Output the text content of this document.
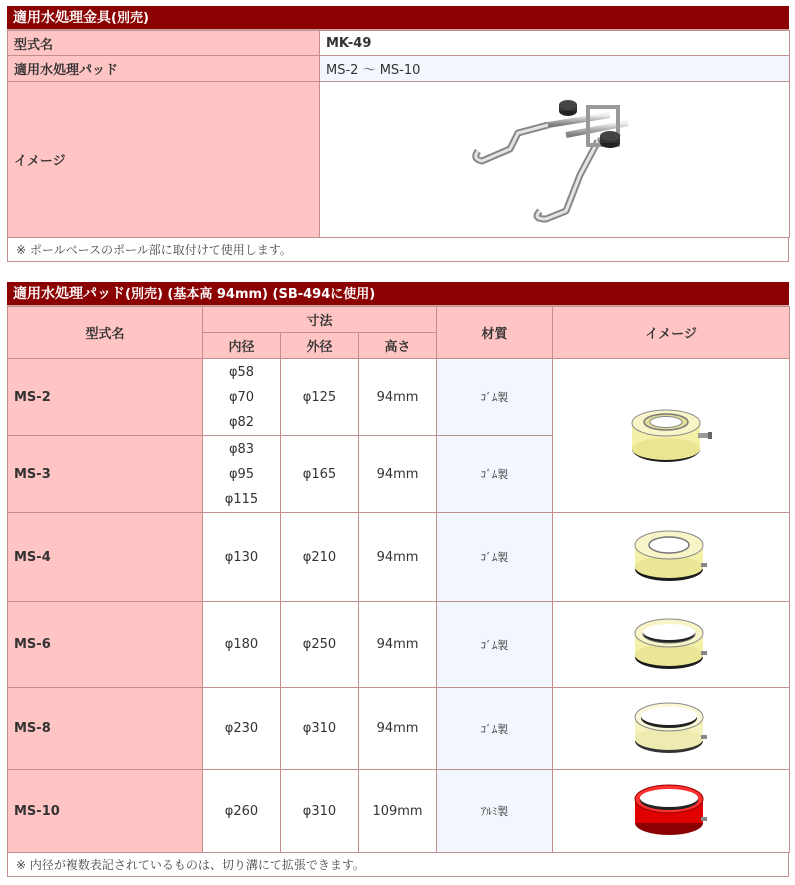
適用水処理金具(別売)
型式名	MK-49
適用水処理パッド	MS-2 〜 MS-10
イメージ	
※ ポールベースのポール部に取付けて使用します。
適用水処理パッド(別売) (基本高 94mm) (SB-494に使用)
型式名	寸法			材質	イメージ
	内径	外径	高さ		
MS-2	φ58
φ70
φ82	φ125	94mm	ｺﾞﾑ製	
MS-3	φ83
φ95
φ115	φ165	94mm	ｺﾞﾑ製	
MS-4	φ130	φ210	94mm	ｺﾞﾑ製	
MS-6	φ180	φ250	94mm	ｺﾞﾑ製	
MS-8	φ230	φ310	94mm	ｺﾞﾑ製	
MS-10	φ260	φ310	109mm	ｱﾙﾐ製	
※ 内径が複数表記されているものは、切り溝にて拡張できます。
